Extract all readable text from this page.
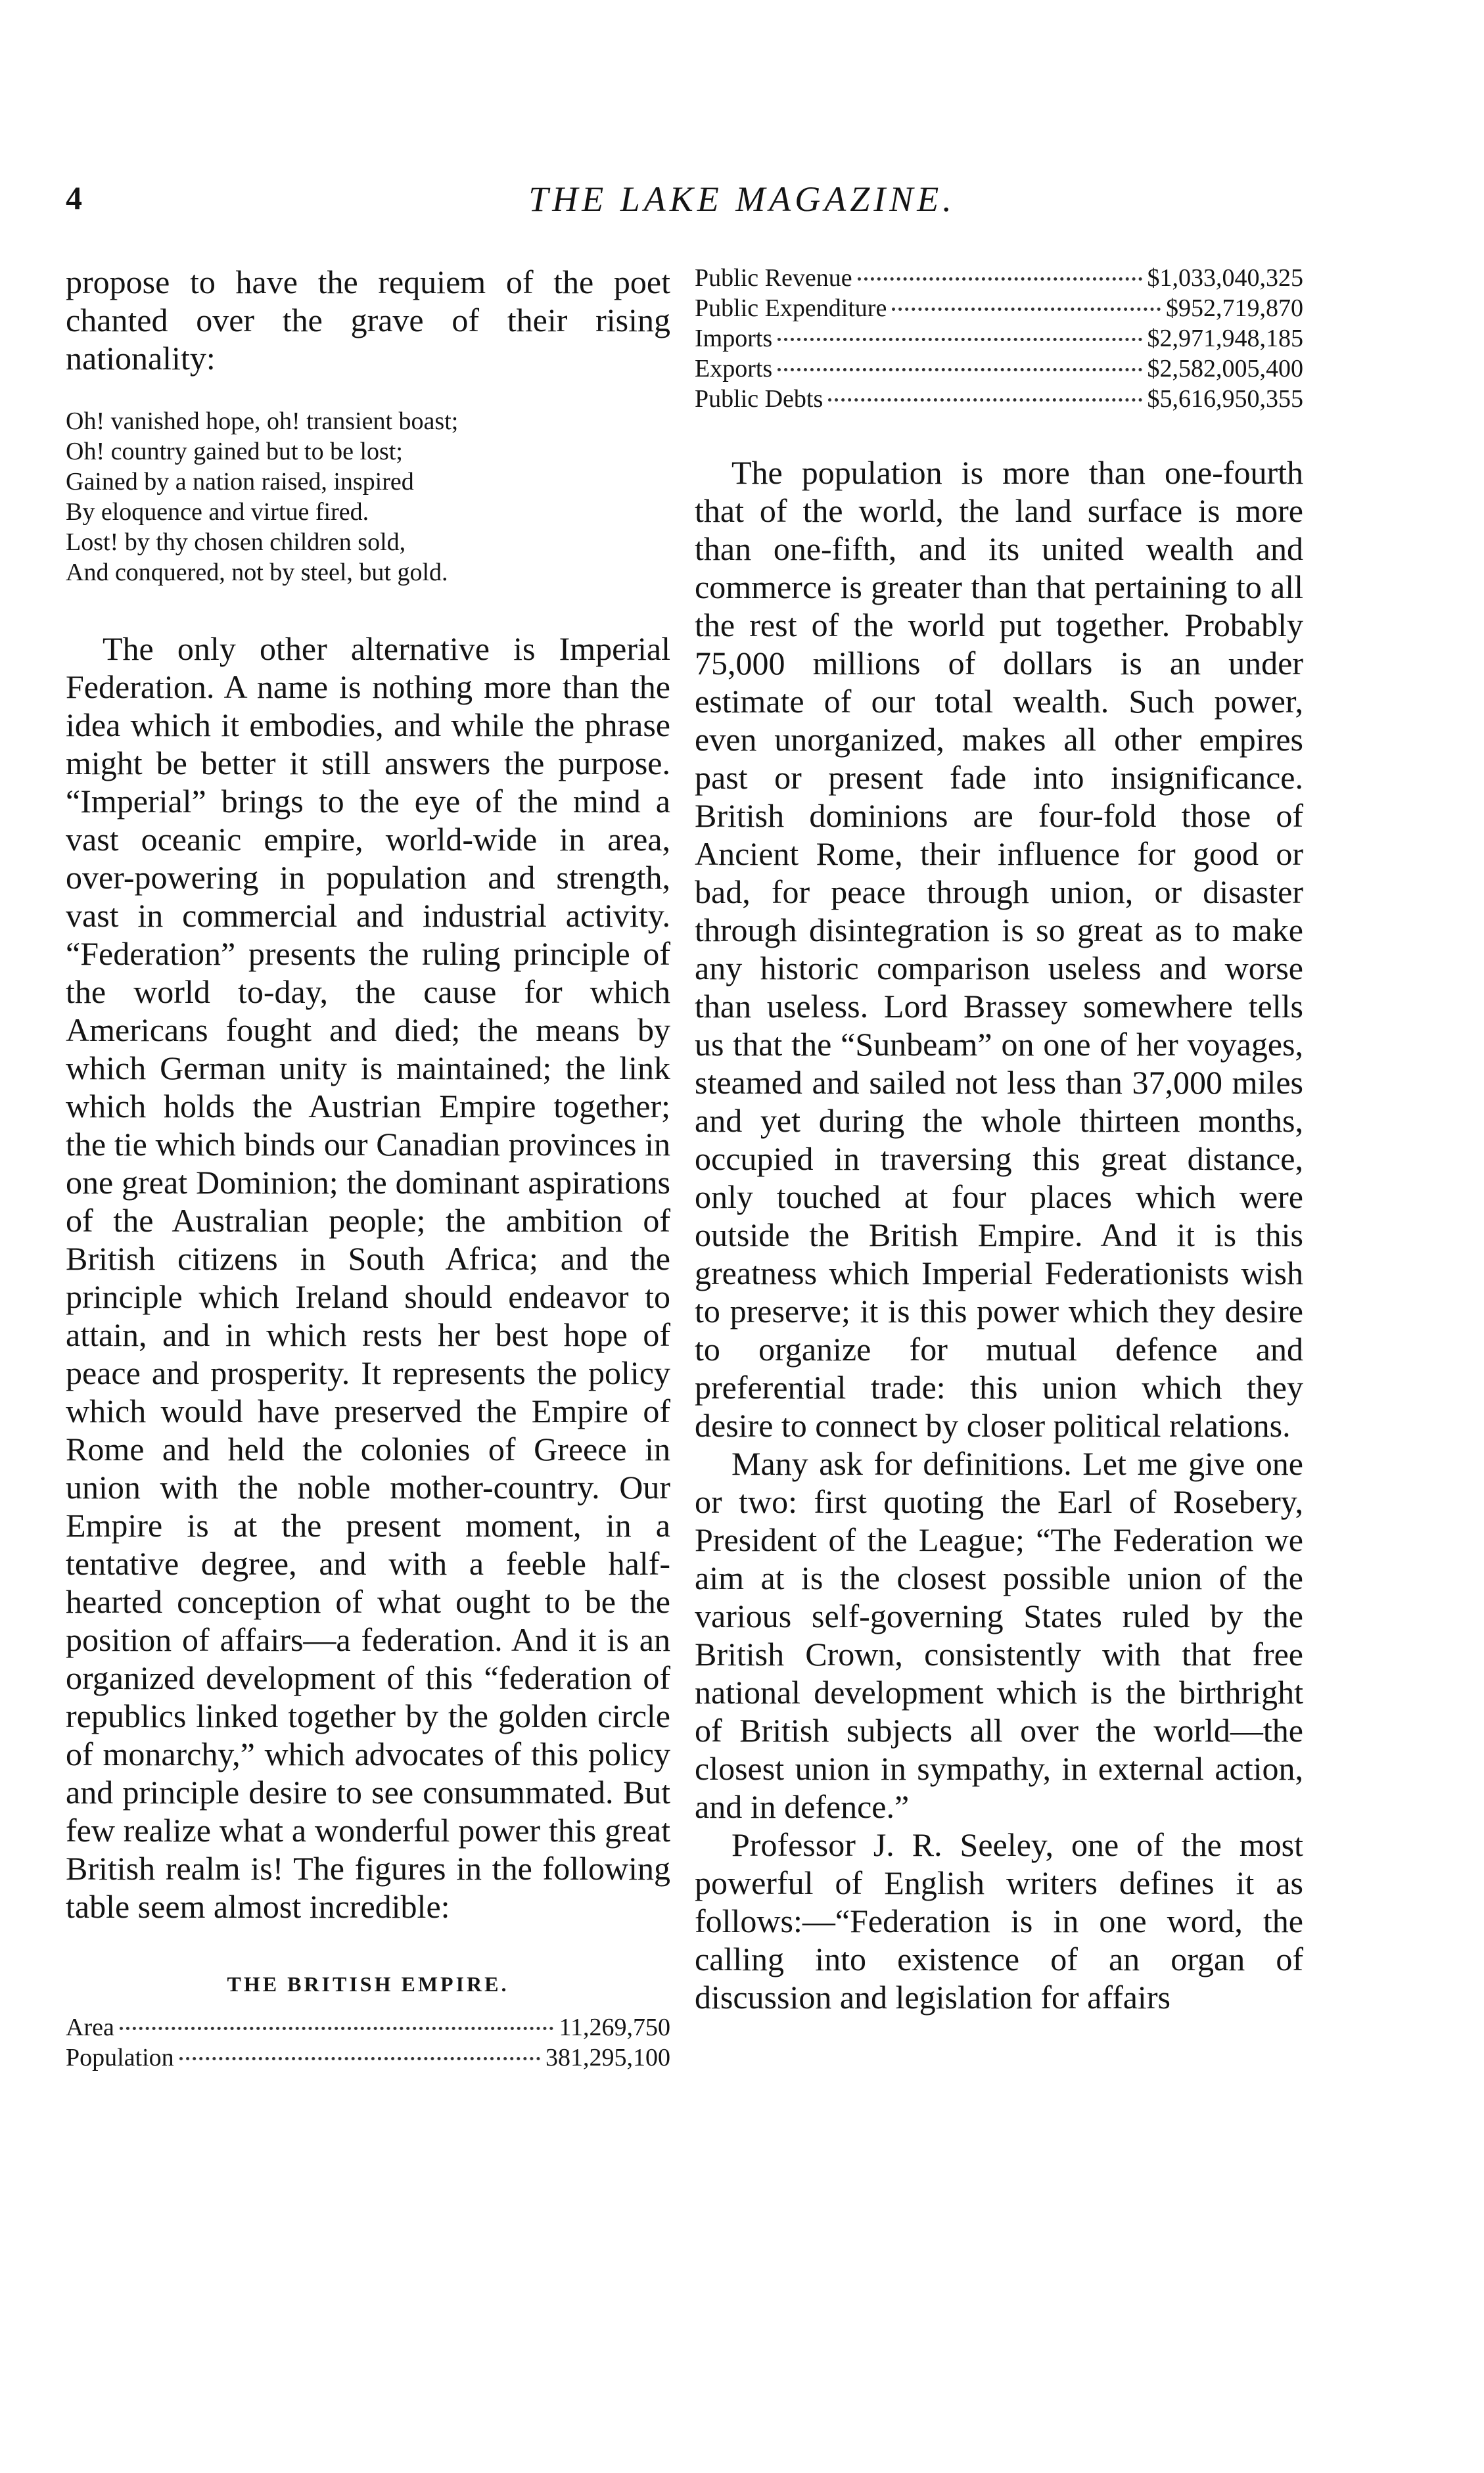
4	THE LAKE MAGAZINE.

propose to have the requiem of the poet chanted over the grave of their rising nationality:

Oh! vanished hope, oh! transient boast;
Oh! country gained but to be lost;
Gained by a nation raised, inspired
By eloquence and virtue fired.
Lost! by thy chosen children sold,
And conquered, not by steel, but gold.

The only other alternative is Imperial Federation. A name is nothing more than the idea which it embodies, and while the phrase might be better it still answers the purpose. “Imperial” brings to the eye of the mind a vast oceanic empire, world-wide in area, over-powering in population and strength, vast in commercial and industrial activity. “Federation” presents the ruling principle of the world to-day, the cause for which Americans fought and died; the means by which German unity is maintained; the link which holds the Austrian Empire together; the tie which binds our Canadian provinces in one great Dominion; the dominant aspirations of the Australian people; the ambition of British citizens in South Africa; and the principle which Ireland should endeavor to attain, and in which rests her best hope of peace and prosperity. It represents the policy which would have preserved the Empire of Rome and held the colonies of Greece in union with the noble mother-country. Our Empire is at the present moment, in a tentative degree, and with a feeble half-hearted conception of what ought to be the position of affairs—a federation. And it is an organized development of this “federation of republics linked together by the golden circle of monarchy,” which advocates of this policy and principle desire to see consummated. But few realize what a wonderful power this great British realm is! The figures in the following table seem almost incredible:

THE BRITISH EMPIRE.
Area	11,269,750
Population	381,295,100
Public Revenue	$1,033,040,325
Public Expenditure	$952,719,870
Imports	$2,971,948,185
Exports	$2,582,005,400
Public Debts	$5,616,950,355

The population is more than one-fourth that of the world, the land surface is more than one-fifth, and its united wealth and commerce is greater than that pertaining to all the rest of the world put together. Probably 75,000 millions of dollars is an under estimate of our total wealth. Such power, even unorganized, makes all other empires past or present fade into insignificance. British dominions are four-fold those of Ancient Rome, their influence for good or bad, for peace through union, or disaster through disintegration is so great as to make any historic comparison useless and worse than useless. Lord Brassey somewhere tells us that the “Sunbeam” on one of her voyages, steamed and sailed not less than 37,000 miles and yet during the whole thirteen months, occupied in traversing this great distance, only touched at four places which were outside the British Empire. And it is this greatness which Imperial Federationists wish to preserve; it is this power which they desire to organize for mutual defence and preferential trade: this union which they desire to connect by closer political relations.

Many ask for definitions. Let me give one or two: first quoting the Earl of Rosebery, President of the League; “The Federation we aim at is the closest possible union of the various self-governing States ruled by the British Crown, consistently with that free national development which is the birthright of British subjects all over the world—the closest union in sympathy, in external action, and in defence.”

Professor J. R. Seeley, one of the most powerful of English writers defines it as follows:—“Federation is in one word, the calling into existence of an organ of discussion and legislation for affairs
